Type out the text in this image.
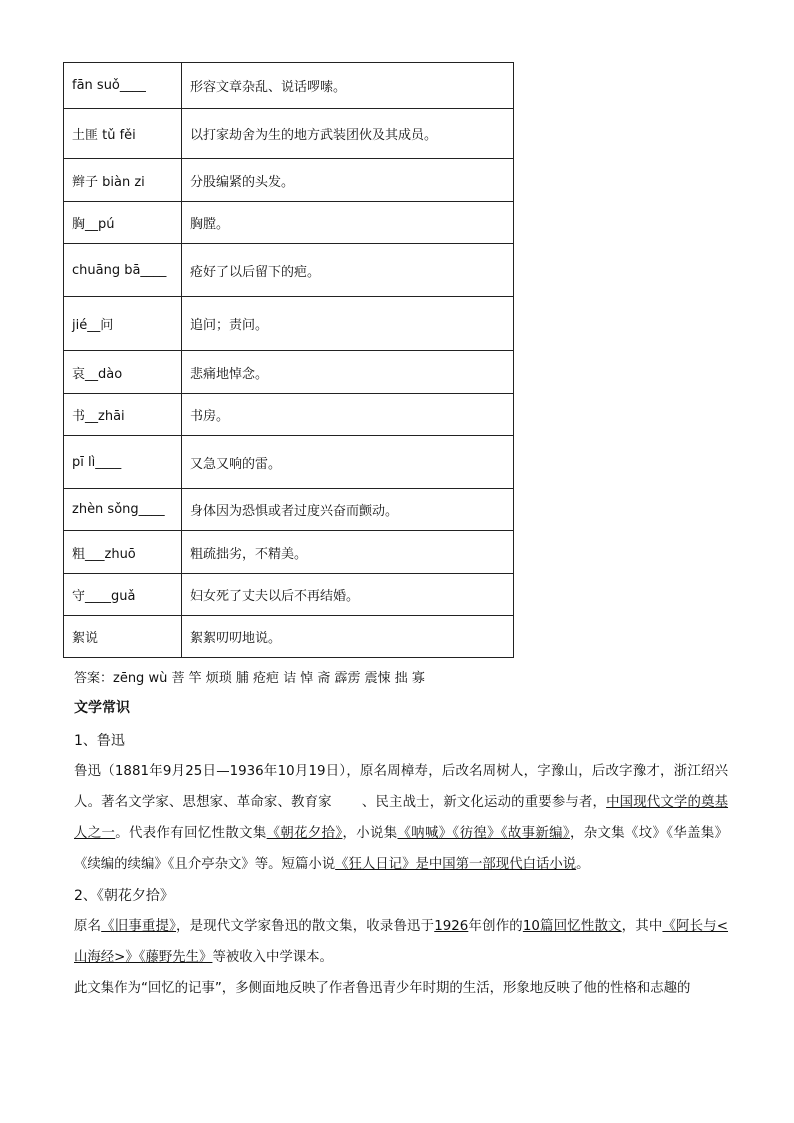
fān suǒ____	形容文章杂乱、说话啰嗦。
土匪 tǔ fěi	以打家劫舍为生的地方武装团伙及其成员。
辫子 biàn zi	分股编紧的头发。
胸__pú	胸膛。
chuāng bā____	疮好了以后留下的疤。
jié__问	追问；责问。
哀__dào	悲痛地悼念。
书__zhāi	书房。
pī lì____	又急又响的雷。
zhèn sǒng____	身体因为恐惧或者过度兴奋而颤动。
粗___zhuō	粗疏拙劣，不精美。
守____guǎ	妇女死了丈夫以后不再结婚。
絮说	絮絮叨叨地说。
答案：zēng wù 菩 竿 烦琐 脯 疮疤 诘 悼 斋 霹雳 震悚 拙 寡
文学常识
1、鲁迅
鲁迅（1881年9月25日—1936年10月19日），原名周樟寿，后改名周树人，字豫山，后改字豫才，浙江绍兴人。著名文学家、思想家、革命家、教育家 、民主战士，新文化运动的重要参与者，中国现代文学的奠基人之一。代表作有回忆性散文集《朝花夕拾》，小说集《呐喊》《彷徨》《故事新编》，杂文集《坟》《华盖集》《续编的续编》《且介亭杂文》等。短篇小说《狂人日记》是中国第一部现代白话小说。
2、《朝花夕拾》
原名《旧事重提》，是现代文学家鲁迅的散文集，收录鲁迅于1926年创作的10篇回忆性散文，其中《阿长与<山海经>》《藤野先生》等被收入中学课本。
此文集作为“回忆的记事”，多侧面地反映了作者鲁迅青少年时期的生活，形象地反映了他的性格和志趣的
